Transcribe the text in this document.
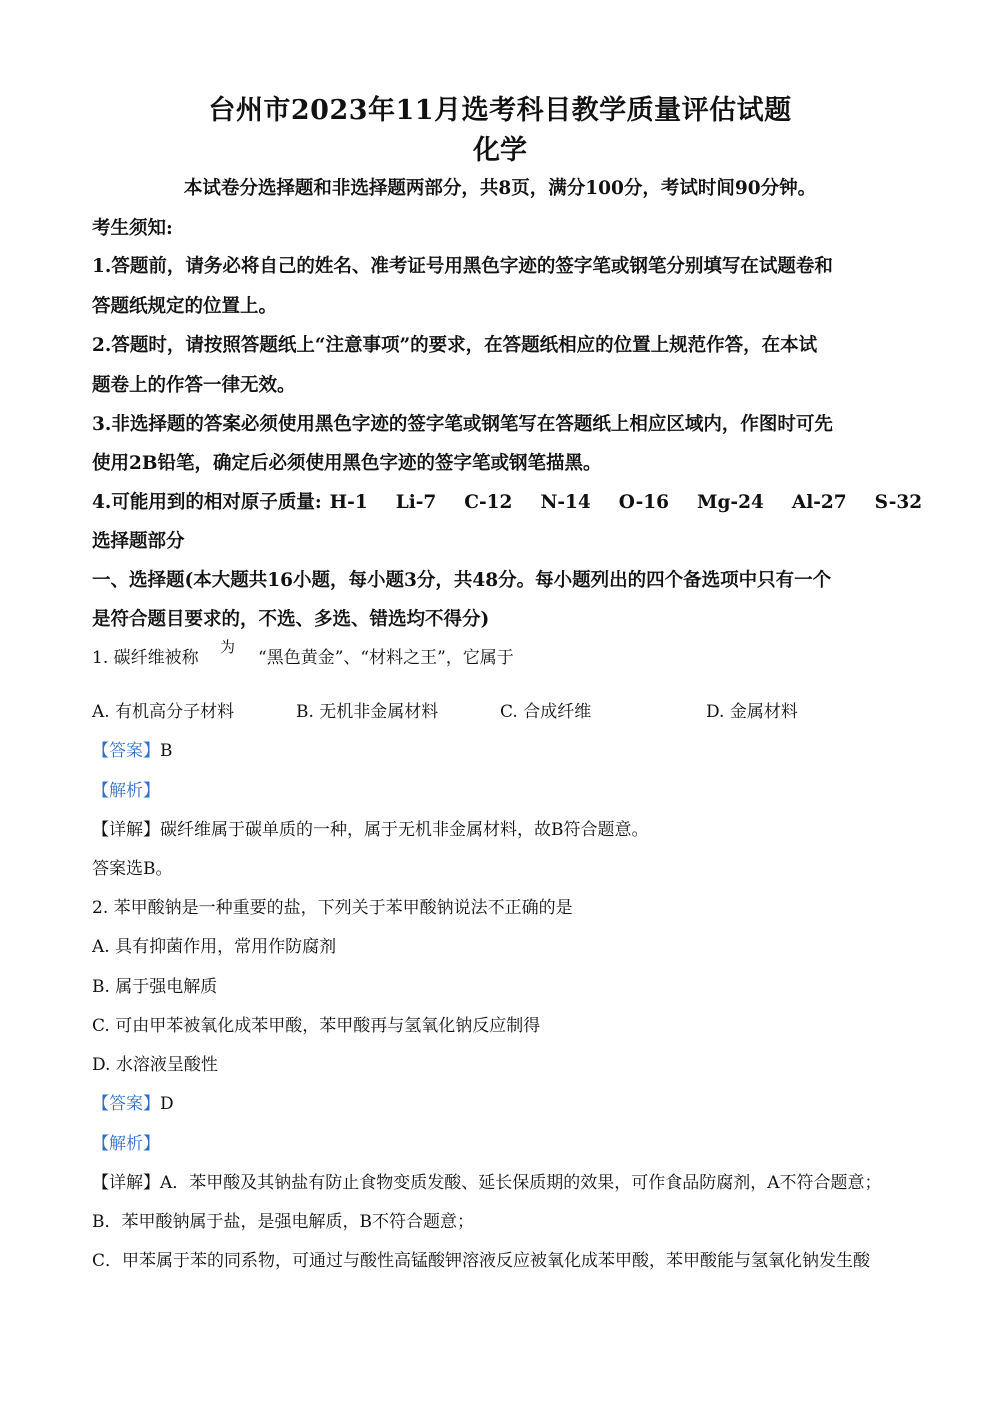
台州市2023年11月选考科目教学质量评估试题
化学
本试卷分选择题和非选择题两部分，共8页，满分100分，考试时间90分钟。
考生须知:
1.答题前，请务必将自己的姓名、准考证号用黑色字迹的签字笔或钢笔分别填写在试题卷和
答题纸规定的位置上。
2.答题时，请按照答题纸上“注意事项”的要求，在答题纸相应的位置上规范作答，在本试
题卷上的作答一律无效。
3.非选择题的答案必须使用黑色字迹的签字笔或钢笔写在答题纸上相应区域内，作图时可先
使用2B铅笔，确定后必须使用黑色字迹的签字笔或钢笔描黑。
4.可能用到的相对原子质量: H-1 Li-7 C-12 N-14 O-16 Mg-24 Al-27 S-32
选择题部分
一、选择题(本大题共16小题，每小题3分，共48分。每小题列出的四个备选项中只有一个
是符合题目要求的，不选、多选、错选均不得分)
1. 碳纤维被称
为
“黑色黄金”、“材料之王”，它属于
A. 有机高分子材料	B. 无机非金属材料	C. 合成纤维	D. 金属材料
【答案】B
【解析】
【详解】碳纤维属于碳单质的一种，属于无机非金属材料，故B符合题意。
答案选B。
2. 苯甲酸钠是一种重要的盐，下列关于苯甲酸钠说法不正确的是
A. 具有抑菌作用，常用作防腐剂
B. 属于强电解质
C. 可由甲苯被氧化成苯甲酸，苯甲酸再与氢氧化钠反应制得
D. 水溶液呈酸性
【答案】D
【解析】
【详解】A．苯甲酸及其钠盐有防止食物变质发酸、延长保质期的效果，可作食品防腐剂，A不符合题意；
B．苯甲酸钠属于盐，是强电解质，B不符合题意；
C．甲苯属于苯的同系物，可通过与酸性高锰酸钾溶液反应被氧化成苯甲酸，苯甲酸能与氢氧化钠发生酸
